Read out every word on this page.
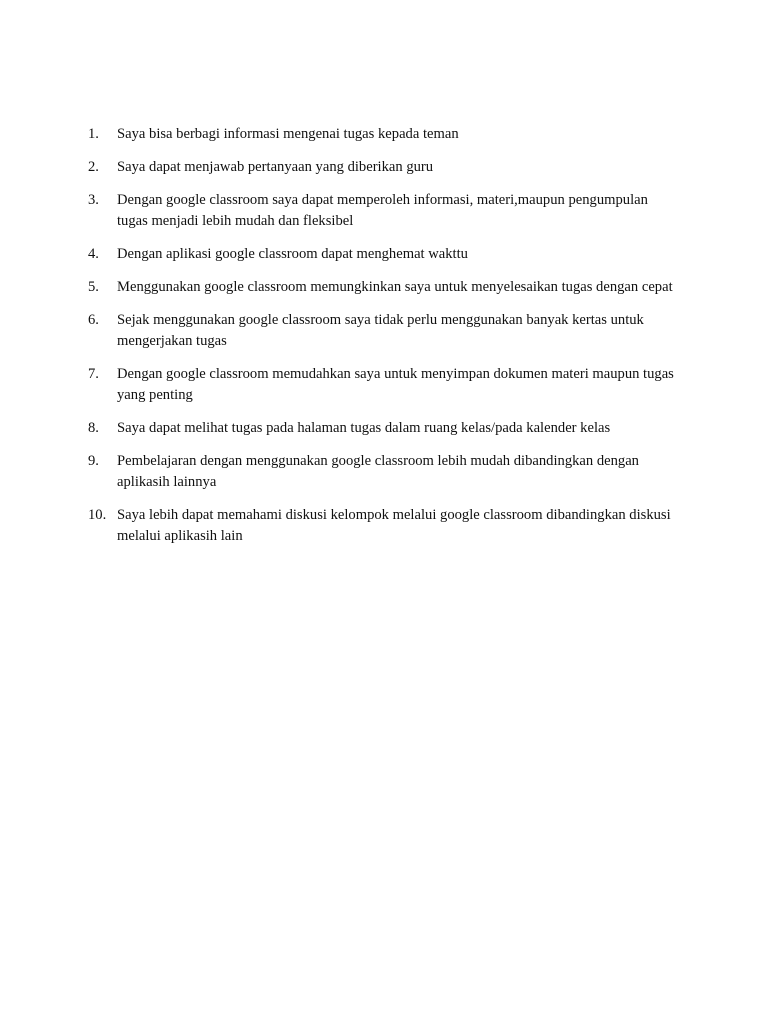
1.	Saya bisa berbagi informasi mengenai tugas kepada teman
2.	Saya dapat menjawab pertanyaan yang diberikan guru
3.	Dengan google classroom saya dapat memperoleh informasi, materi,maupun pengumpulan tugas menjadi lebih mudah dan fleksibel
4.	Dengan aplikasi google classroom dapat menghemat wakttu
5.	Menggunakan google classroom memungkinkan saya untuk menyelesaikan tugas dengan cepat
6.	Sejak menggunakan google classroom saya tidak perlu menggunakan banyak kertas untuk mengerjakan tugas
7.	Dengan google classroom memudahkan saya untuk menyimpan dokumen materi maupun tugas yang penting
8.	Saya dapat melihat tugas pada halaman tugas dalam ruang kelas/pada kalender kelas
9.	Pembelajaran dengan menggunakan google classroom lebih mudah dibandingkan dengan aplikasih lainnya
10. Saya lebih dapat memahami diskusi kelompok melalui google classroom dibandingkan diskusi melalui aplikasih lain
